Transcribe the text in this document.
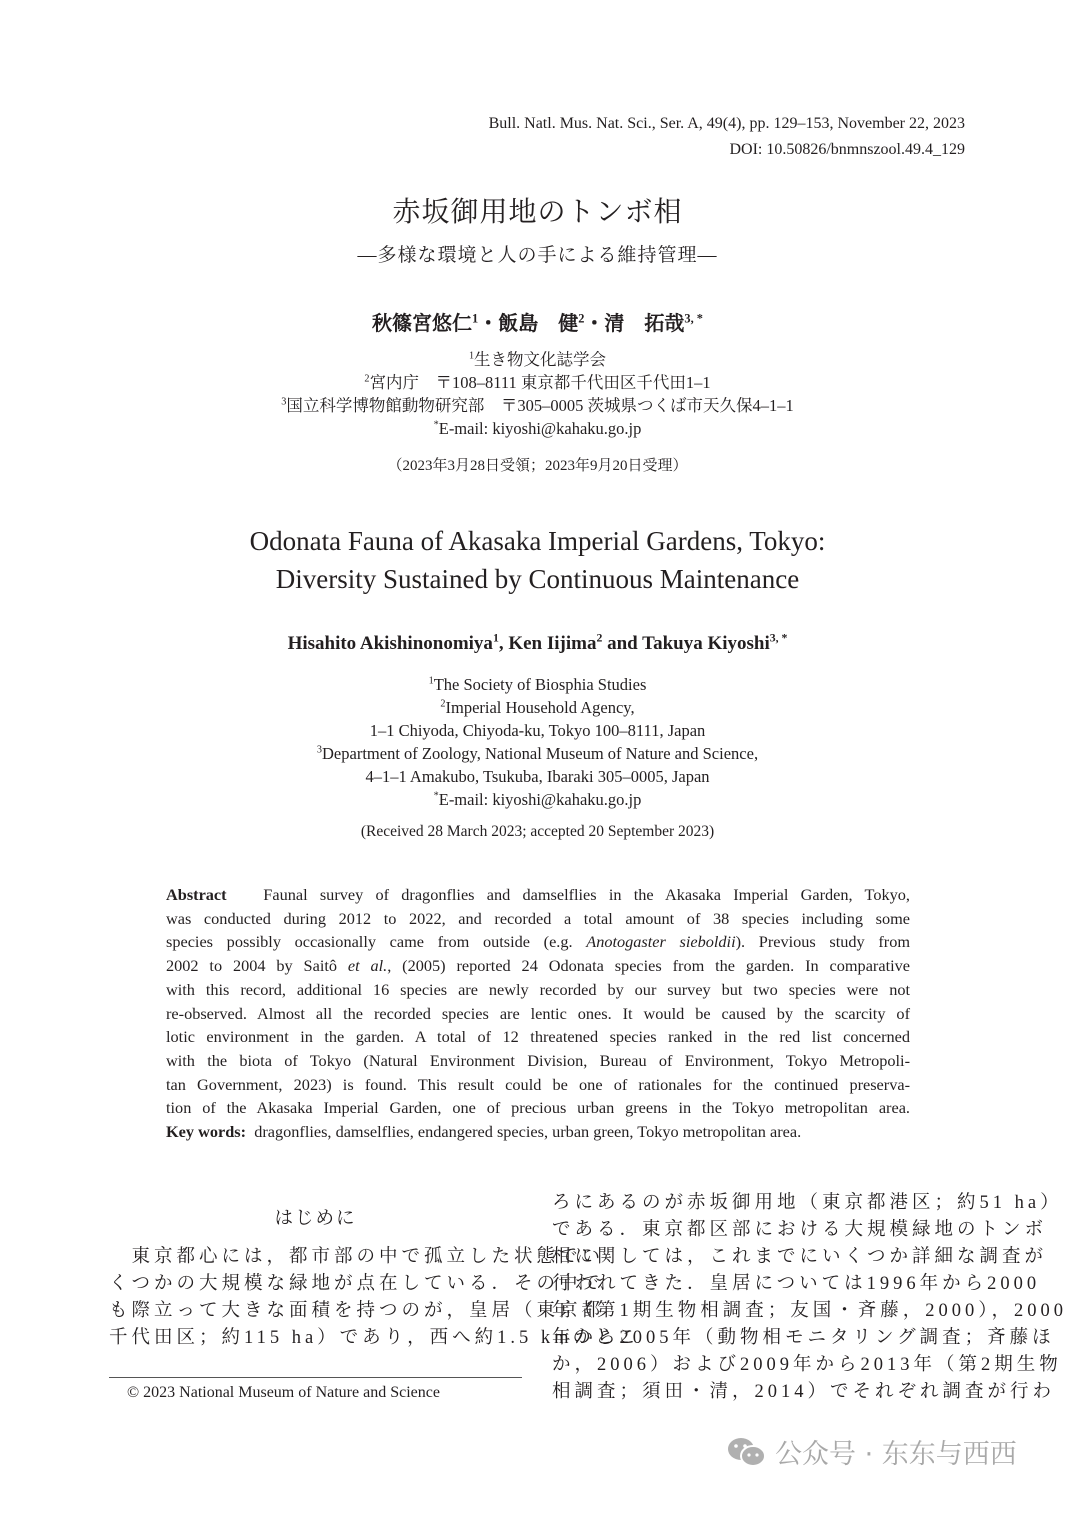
Bull. Natl. Mus. Nat. Sci., Ser. A, 49(4), pp. 129–153, November 22, 2023
DOI: 10.50826/bnmnszool.49.4_129
赤坂御用地のトンボ相
—多様な環境と人の手による維持管理—
秋篠宮悠仁$^1$・飯島　健$^2$・清　拓哉$^{3, *}$
$^1$生き物文化誌学会
$^2$宮内庁　〒108–8111 東京都千代田区千代田1–1
$^3$国立科学博物館動物研究部　〒305–0005 茨城県つくば市天久保4–1–1
*E-mail: kiyoshi@kahaku.go.jp
（2023年3月28日受領；2023年9月20日受理）
Odonata Fauna of Akasaka Imperial Gardens, Tokyo:
Diversity Sustained by Continuous Maintenance
Hisahito Akishinonomiya$^1$, Ken Iijima$^2$ and Takuya Kiyoshi$^{3, *}$
$^1$The Society of Biosphia Studies
$^2$Imperial Household Agency,
1–1 Chiyoda, Chiyoda-ku, Tokyo 100–8111, Japan
$^3$Department of Zoology, National Museum of Nature and Science,
4–1–1 Amakubo, Tsukuba, Ibaraki 305–0005, Japan
*E-mail: kiyoshi@kahaku.go.jp
(Received 28 March 2023; accepted 20 September 2023)
Abstract Faunal survey of dragonflies and damselflies in the Akasaka Imperial Garden, Tokyo,
was conducted during 2012 to 2022, and recorded a total amount of 38 species including some
species possibly occasionally came from outside (e.g. Anotogaster sieboldii). Previous study from
2002 to 2004 by Saitô et al., (2005) reported 24 Odonata species from the garden. In comparative
with this record, additional 16 species are newly recorded by our survey but two species were not
re-observed. Almost all the recorded species are lentic ones. It would be caused by the scarcity of
lotic environment in the garden. A total of 12 threatened species ranked in the red list concerned
with the biota of Tokyo (Natural Environment Division, Bureau of Environment, Tokyo Metropoli-
tan Government, 2023) is found. This result could be one of rationales for the continued preserva-
tion of the Akasaka Imperial Garden, one of precious urban greens in the Tokyo metropolitan area.
Key words: dragonflies, damselflies, endangered species, urban green, Tokyo metropolitan area.
はじめに
　東京都心には，都市部の中で孤立した状態でい
くつかの大規模な緑地が点在している．その中で
も際立って大きな面積を持つのが，皇居（東京都
千代田区；約115 ha）であり，西へ約1.5 kmのとこ
ろにあるのが赤坂御用地（東京都港区；約51 ha）
である．東京都区部における大規模緑地のトンボ
相に関しては，これまでにいくつか詳細な調査が
行われてきた．皇居については1996年から2000
年（第1期生物相調査；友国・斉藤，2000），2000
年から2005年（動物相モニタリング調査；斉藤ほ
か，2006）および2009年から2013年（第2期生物
相調査；須田・清，2014）でそれぞれ調査が行わ
© 2023 National Museum of Nature and Science
公众号 · 东东与西西
